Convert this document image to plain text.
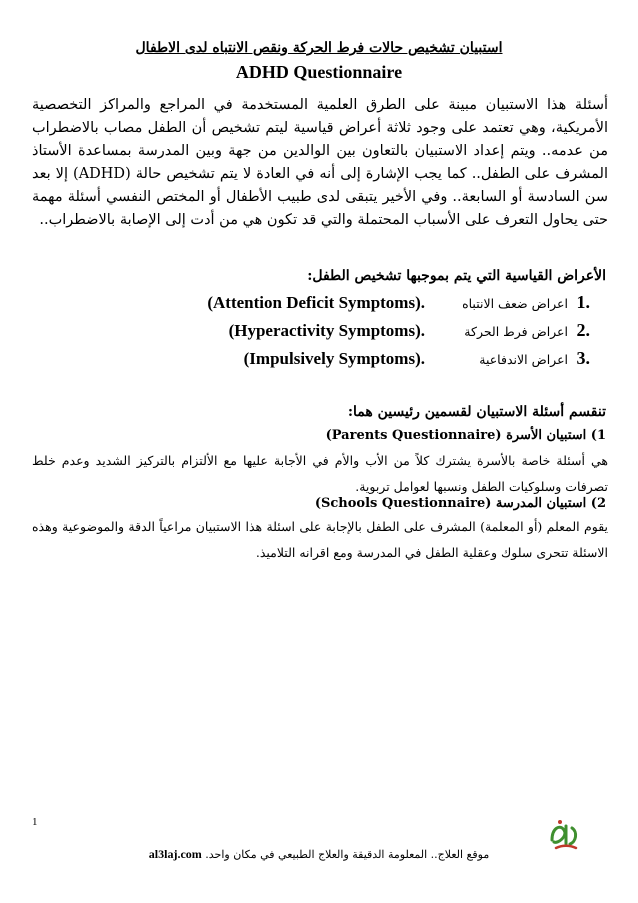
استبيان تشخيص حالات فرط الحركة ونقص الانتباه لدى الاطفال
ADHD Questionnaire
أسئلة هذا الاستبيان مبينة على الطرق العلمية المستخدمة في المراجع والمراكز التخصصية الأمريكية، وهي تعتمد على وجود ثلاثة أعراض قياسية ليتم تشخيص أن الطفل مصاب بالاضطراب من عدمه.. ويتم إعداد الاستبيان بالتعاون بين الوالدين من جهة وبين المدرسة بمساعدة الأستاذ المشرف على الطفل.. كما يجب الإشارة إلى أنه في العادة لا يتم تشخيص حالة (ADHD) إلا بعد سن السادسة أو السابعة.. وفي الأخير يتبقى لدى طبيب الأطفال أو المختص النفسي أسئلة مهمة حتى يحاول التعرف على الأسباب المحتملة والتي قد تكون هي من أدت إلى الإصابة بالاضطراب..
الأعراض القياسية التي يتم بموجبها تشخيص الطفل:
1.
اعراض ضعف الانتباه
(Attention Deficit Symptoms).
2.
اعراض فرط الحركة
(Hyperactivity Symptoms).
3.
اعراض الاندفاعية
(Impulsively Symptoms).
تنقسم أسئلة الاستبيان لقسمين رئيسين هما:
1) استبيان الأسرة (Parents Questionnaire)
هي أسئلة خاصة بالأسرة يشترك كلاً من الأب والأم في الأجابة عليها مع الألتزام بالتركيز الشديد وعدم خلط تصرفات وسلوكيات الطفل ونسبها لعوامل تربوية.
2) استبيان المدرسة (Schools Questionnaire)
يقوم المعلم (أو المعلمة) المشرف على الطفل بالإجابة على اسئلة هذا الاستبيان مراعياً الدقة والموضوعية وهذه الاسئلة تتحرى سلوك وعقلية الطفل في المدرسة ومع اقرانه التلاميذ.
1
al3laj.com موقع العلاج.. المعلومة الدقيقة والعلاج الطبيعي في مكان واحد.
